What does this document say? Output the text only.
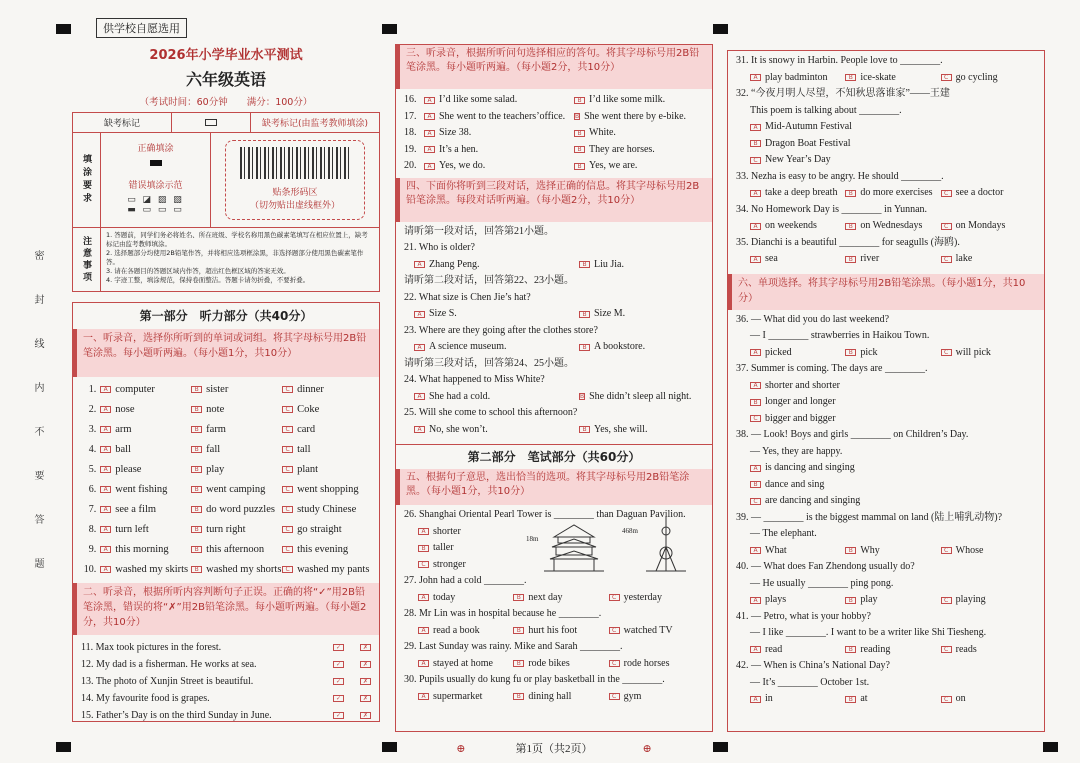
密封线内不要答题
供学校自愿选用
2026年小学毕业水平测试
六年级英语
（考试时间：60分钟　　满分：100分）
缺考标记	缺考标记(由监考教师填涂)
填涂要求
正确填涂
错误填涂示范
▭ ◪ ▨ ▧
▬ ▭ ▭ ▭
贴条形码区
（切勿贴出虚线框外）
注意事项
1. 答题前，同学们务必将姓名、所在班级、学校名称用黑色碳素笔填写在相应位置上，缺考标记由监考教师填涂。
2. 选择题部分均使用2B铅笔作答，并将相应选项框涂黑，非选择题部分使用黑色碳素笔作答。
3. 请在各题目的答题区域内作答，超出红色框区域的答案无效。
4. 字迹工整，填涂规范，保持卷面整洁。答题卡请勿折叠，不要折叠。
第一部分　听力部分（共40分）
一、听录音，选择你所听到的单词或词组。将其字母标号用2B铅笔涂黑。每小题听两遍。（每小题1分，共10分）
1.	A computer	B sister	C dinner
2.	A nose	B note	C Coke
3.	A arm	B farm	C card
4.	A ball	B fall	C tall
5.	A please	B play	C plant
6.	A went fishing	B went camping	C went shopping
7.	A see a film	B do word puzzles	C study Chinese
8.	A turn left	B turn right	C go straight
9.	A this morning	B this afternoon	C this evening
10.	A washed my skirts	B washed my shorts C washed my pants
二、听录音，根据所听内容判断句子正误。正确的将“✓”用2B铅笔涂黑，错误的将“✗”用2B铅笔涂黑。每小题听两遍。（每小题2分，共10分）
11. Max took pictures in the forest.	✓	✗
12. My dad is a fisherman. He works at sea.	✓	✗
13. The photo of Xunjin Street is beautiful.	✓	✗
14. My favourite food is grapes.	✓	✗
15. Father’s Day is on the third Sunday in June.	✓	✗
三、听录音，根据所听问句选择相应的答句。将其字母标号用2B铅笔涂黑。每小题听两遍。（每小题2分，共10分）
16.	A I’d like some salad.	B I’d like some milk.
17.	A She went to the teachers’office. B She went there by e-bike.
18.	A Size 38.	B White.
19.	A It’s a hen.	B They are horses.
20.	A Yes, we do.	B Yes, we are.
四、下面你将听到三段对话，选择正确的信息。将其字母标号用2B铅笔涂黑。每段对话听两遍。（每小题2分，共10分）
请听第一段对话，回答第21小题。
21. Who is older?
A Zhang Peng.	B Liu Jia.
请听第二段对话，回答第22、23小题。
22. What size is Chen Jie’s hat?
A Size S.	B Size M.
23. Where are they going after the clothes store?
A A science museum.	B A bookstore.
请听第三段对话，回答第24、25小题。
24. What happened to Miss White?
A She had a cold.	B She didn’t sleep all night.
25. Will she come to school this afternoon?
A No, she won’t.	B Yes, she will.
第二部分　笔试部分（共60分）
五、根据句子意思，选出恰当的选项。将其字母标号用2B铅笔涂黑。（每小题1分，共10分）
26. Shanghai Oriental Pearl Tower is ________ than Daguan Pavilion.
A shorter
B taller
C stronger
18m
468m
27. John had a cold ________.
A today	B next day	C yesterday
28. Mr Lin was in hospital because he ________.
A read a book	B hurt his foot	C watched TV
29. Last Sunday was rainy. Mike and Sarah ________.
A stayed at home	B rode bikes	C rode horses
30. Pupils usually do kung fu or play basketball in the ________.
A supermarket	B dining hall	C gym
⊕	第1页（共2页）	⊕
31. It is snowy in Harbin. People love to ________.
A play badminton	B ice-skate	C go cycling
32. “今夜月明人尽望，不知秋思落谁家”——王建
This poem is talking about ________.
A Mid-Autumn Festival
B Dragon Boat Festival
C New Year’s Day
33. Nezha is easy to be angry. He should ________.
A take a deep breath	B do more exercises	C see a doctor
34. No Homework Day is ________ in Yunnan.
A on weekends	B on Wednesdays	C on Mondays
35. Dianchi is a beautiful ________ for seagulls (海鸥).
A sea	B river	C lake
六、单项选择。将其字母标号用2B铅笔涂黑。（每小题1分，共10分）
36. — What did you do last weekend?
— I ________ strawberries in Haikou Town.
A picked	B pick	C will pick
37. Summer is coming. The days are ________.
A shorter and shorter
B longer and longer
C bigger and bigger
38. — Look! Boys and girls ________ on Children’s Day.
— Yes, they are happy.
A is dancing and singing
B dance and sing
C are dancing and singing
39. — ________ is the biggest mammal on land (陆上哺乳动物)?
— The elephant.
A What	B Why	C Whose
40. — What does Fan Zhendong usually do?
— He usually ________ ping pong.
A plays	B play	C playing
41. — Petro, what is your hobby?
— I like ________. I want to be a writer like Shi Tiesheng.
A read	B reading	C reads
42. — When is China’s National Day?
— It’s ________ October 1st.
A in	B at	C on
